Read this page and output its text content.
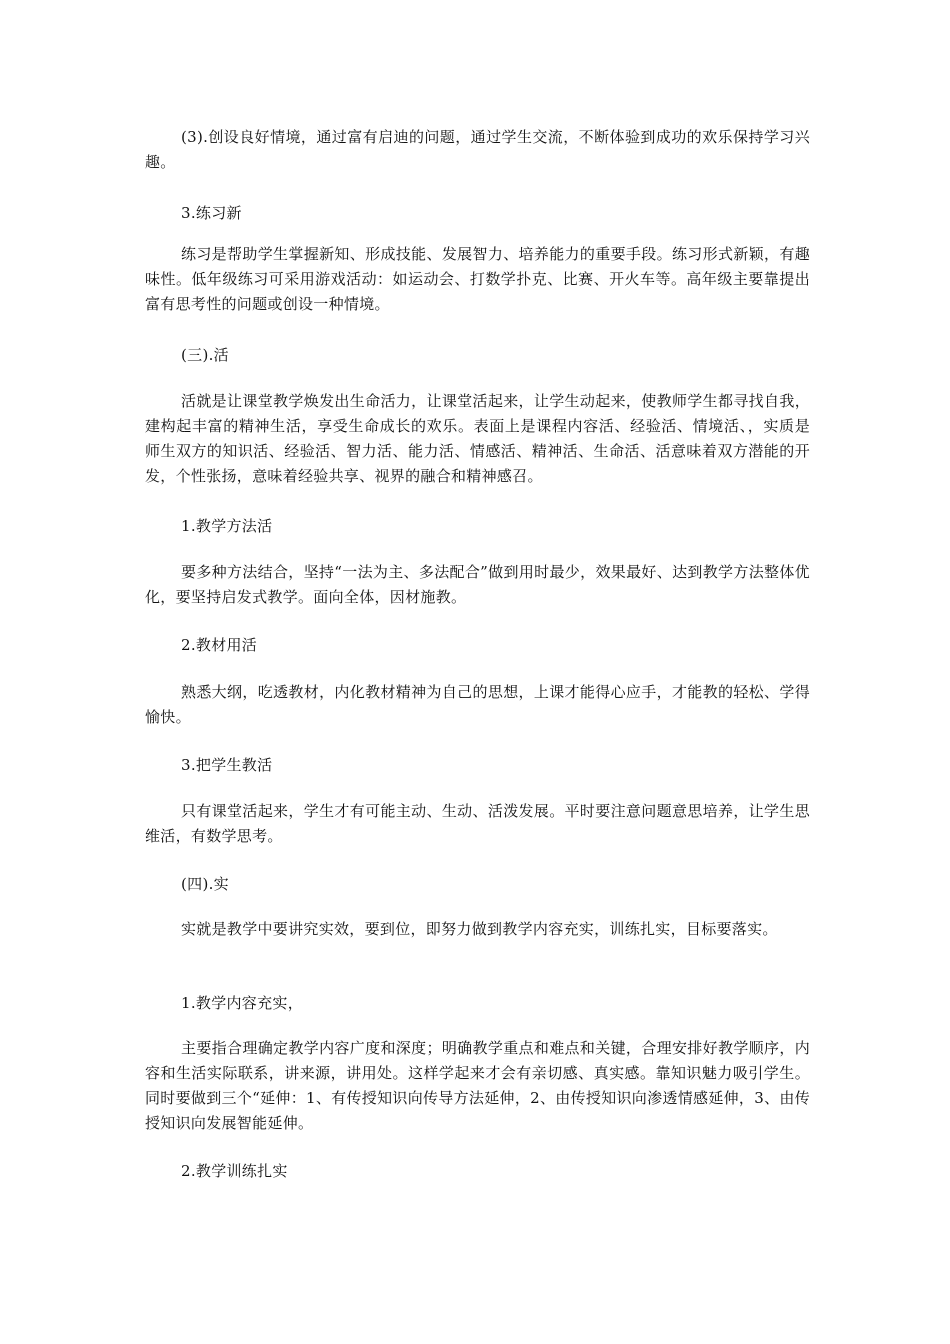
(3).创设良好情境，通过富有启迪的问题，通过学生交流，不断体验到成功的欢乐保持学习兴趣。

3.练习新

练习是帮助学生掌握新知、形成技能、发展智力、培养能力的重要手段。练习形式新颖，有趣味性。低年级练习可采用游戏活动：如运动会、打数学扑克、比赛、开火车等。高年级主要靠提出富有思考性的问题或创设一种情境。

(三).活

活就是让课堂教学焕发出生命活力，让课堂活起来，让学生动起来，使教师学生都寻找自我，建构起丰富的精神生活，享受生命成长的欢乐。表面上是课程内容活、经验活、情境活、，实质是师生双方的知识活、经验活、智力活、能力活、情感活、精神活、生命活、活意味着双方潜能的开发，个性张扬，意味着经验共享、视界的融合和精神感召。

1.教学方法活

要多种方法结合，坚持“一法为主、多法配合”做到用时最少，效果最好、达到教学方法整体优化，要坚持启发式教学。面向全体，因材施教。

2.教材用活

熟悉大纲，吃透教材，内化教材精神为自己的思想，上课才能得心应手，才能教的轻松、学得愉快。

3.把学生教活

只有课堂活起来，学生才有可能主动、生动、活泼发展。平时要注意问题意思培养，让学生思维活，有数学思考。

(四).实

实就是教学中要讲究实效，要到位，即努力做到教学内容充实，训练扎实，目标要落实。

1.教学内容充实，

主要指合理确定教学内容广度和深度；明确教学重点和难点和关键，合理安排好教学顺序，内容和生活实际联系，讲来源，讲用处。这样学起来才会有亲切感、真实感。靠知识魅力吸引学生。同时要做到三个“延伸：1、有传授知识向传导方法延伸，2、由传授知识向渗透情感延伸，3、由传授知识向发展智能延伸。

2.教学训练扎实
